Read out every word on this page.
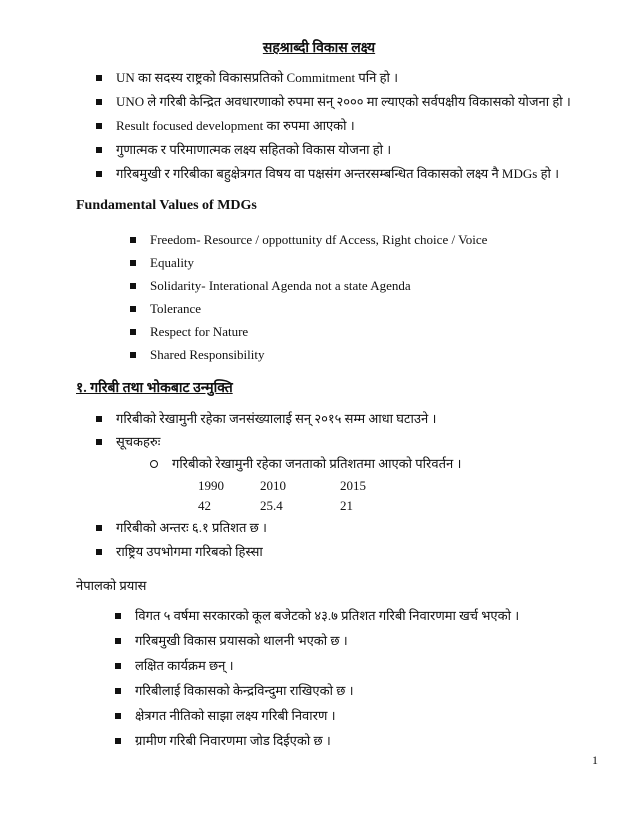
सहश्राब्दी विकास लक्ष्य
UN का सदस्य राष्ट्रको विकासप्रतिको Commitment पनि हो ।
UNO ले गरिबी केन्द्रित अवधारणाको रुपमा सन् २००० मा ल्याएको सर्वपक्षीय विकासको योजना हो ।
Result focused development का रुपमा आएको ।
गुणात्मक र परिमाणात्मक लक्ष्य सहितको विकास योजना हो ।
गरिबमुखी र गरिबीका बहुक्षेत्रगत विषय वा पक्षसंग अन्तरसम्बन्धित विकासको लक्ष्य नै MDGs हो ।
Fundamental Values of MDGs
Freedom- Resource / oppottunity df Access, Right choice / Voice
Equality
Solidarity- Interational Agenda not a state Agenda
Tolerance
Respect for Nature
Shared Responsibility
१. गरिबी तथा भोकबाट उन्मुक्ति
गरिबीको रेखामुनी रहेका जनसंख्यालाई सन् २०१५ सम्म आधा घटाउने ।
सूचकहरुः
गरिबीको रेखामुनी रहेका जनताको प्रतिशतमा आएको परिवर्तन ।
1990	2010	2015
42	25.4	21
गरिबीको अन्तरः ६.१ प्रतिशत छ ।
राष्ट्रिय उपभोगमा गरिबको हिस्सा
नेपालको प्रयास
विगत ५ वर्षमा सरकारको कूल बजेटको ४३.७ प्रतिशत गरिबी निवारणमा खर्च भएको ।
गरिबमुखी विकास प्रयासको थालनी भएको छ ।
लक्षित कार्यक्रम छन् ।
गरिबीलाई विकासको केन्द्रविन्दुमा राखिएको छ ।
क्षेत्रगत नीतिको साझा लक्ष्य गरिबी निवारण ।
ग्रामीण गरिबी निवारणमा जोड दिईएको छ ।
1
